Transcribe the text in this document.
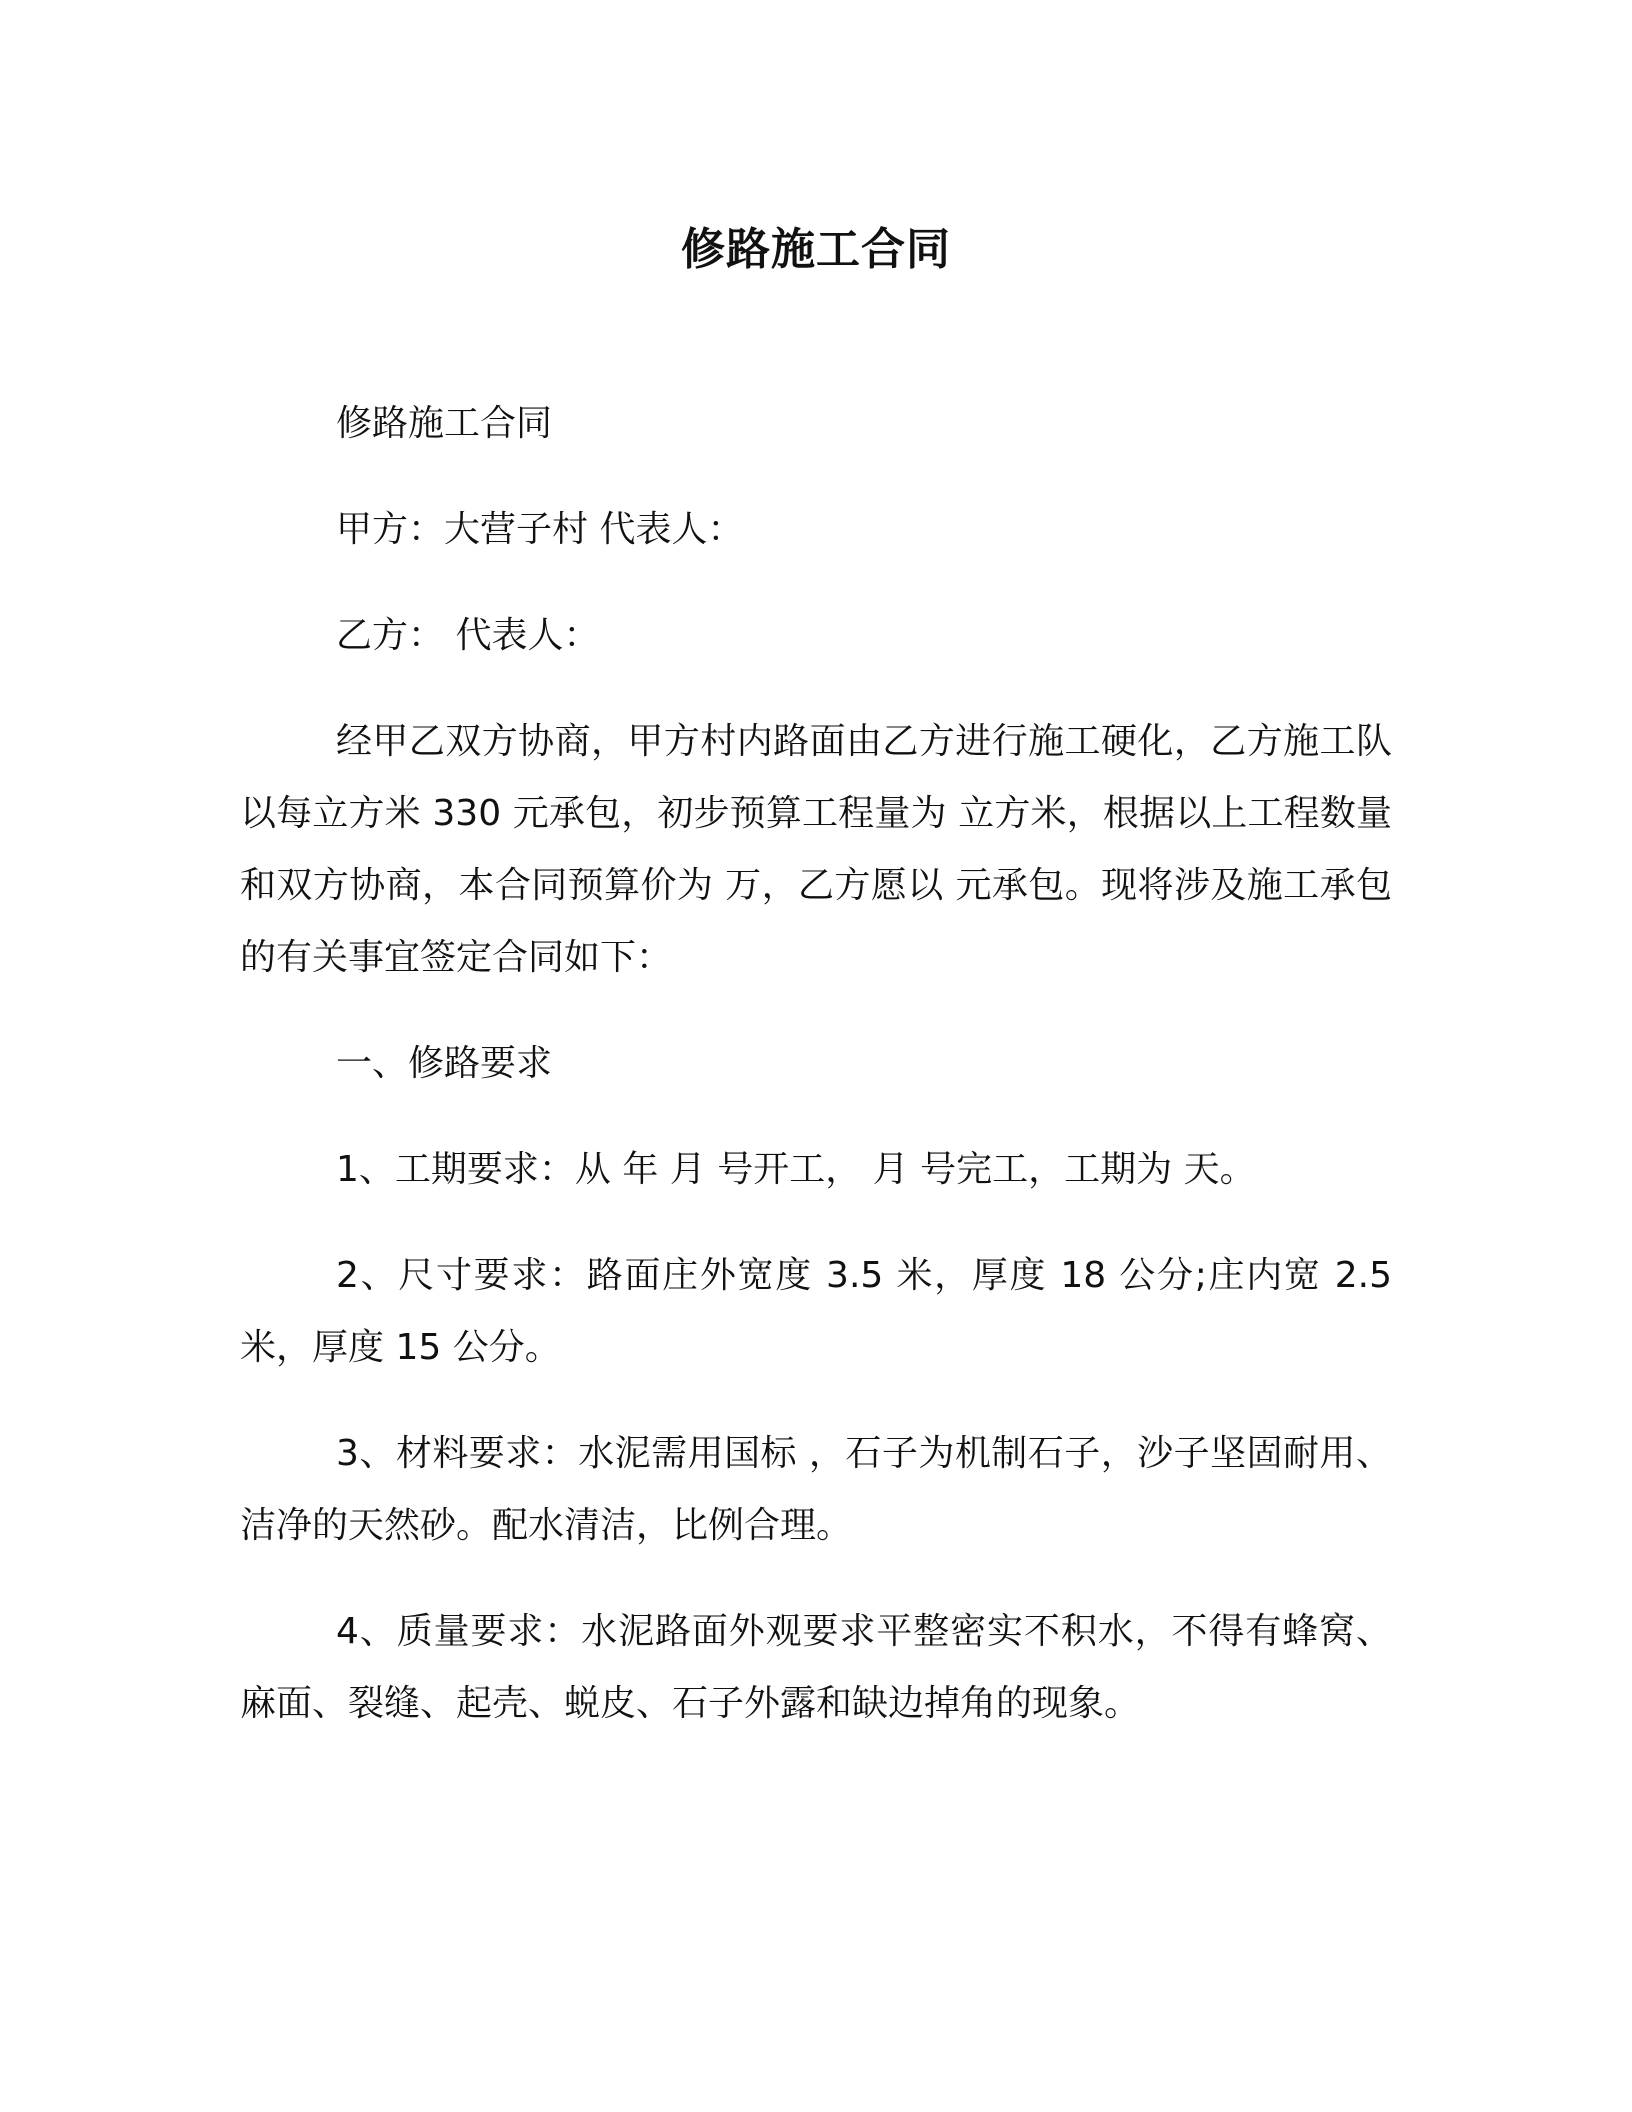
修路施工合同

修路施工合同

甲方：大营子村 代表人：

乙方： 代表人：

经甲乙双方协商，甲方村内路面由乙方进行施工硬化，乙方施工队以每立方米 330 元承包，初步预算工程量为 立方米，根据以上工程数量和双方协商，本合同预算价为 万，乙方愿以 元承包。现将涉及施工承包的有关事宜签定合同如下：

一、修路要求

1、工期要求：从 年 月 号开工， 月 号完工，工期为 天。

2、尺寸要求：路面庄外宽度 3.5 米，厚度 18 公分;庄内宽 2.5 米，厚度 15 公分。

3、材料要求：水泥需用国标 ，石子为机制石子，沙子坚固耐用、洁净的天然砂。配水清洁，比例合理。

4、质量要求：水泥路面外观要求平整密实不积水，不得有蜂窝、麻面、裂缝、起壳、蜕皮、石子外露和缺边掉角的现象。
